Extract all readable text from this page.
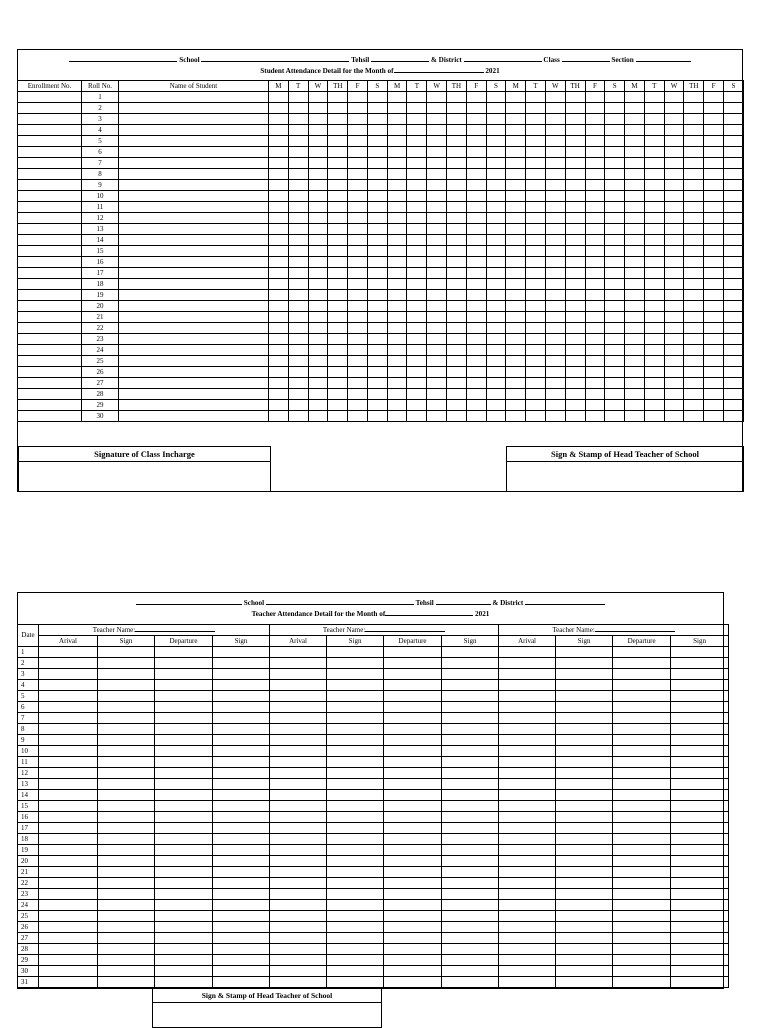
School	Tehsil	& District	Class	Section
Student Attendance Detail for the Month of	2021
Enrollment No.	Roll No.	Name of Student	M	T	W	TH	F	S	M	T	W	TH	F	S	M	T	W	TH	F	S	M	T	W	TH	F	S
	1																									
	2																									
	3																									
	4																									
	5																									
	6																									
	7																									
	8																									
	9																									
	10																									
	11																									
	12																									
	13																									
	14																									
	15																									
	16																									
	17																									
	18																									
	19																									
	20																									
	21																									
	22																									
	23																									
	24																									
	25																									
	26																									
	27																									
	28																									
	29																									
	30																									

Signature of Class Incharge	Sign & Stamp of Head Teacher of School
School	Tehsil	& District
Teacher Attendance Detail for the Month of	2021
Date	Teacher Name:				Teacher Name:				Teacher Name:			
	Arival	Sign	Departure	Sign	Arival	Sign	Departure	Sign	Arival	Sign	Departure	Sign
1												
2												
3												
4												
5												
6												
7												
8												
9												
10												
11												
12												
13												
14												
15												
16												
17												
18												
19												
20												
21												
22												
23												
24												
25												
26												
27												
28												
29												
30												
31												
Sign & Stamp of Head Teacher of School
